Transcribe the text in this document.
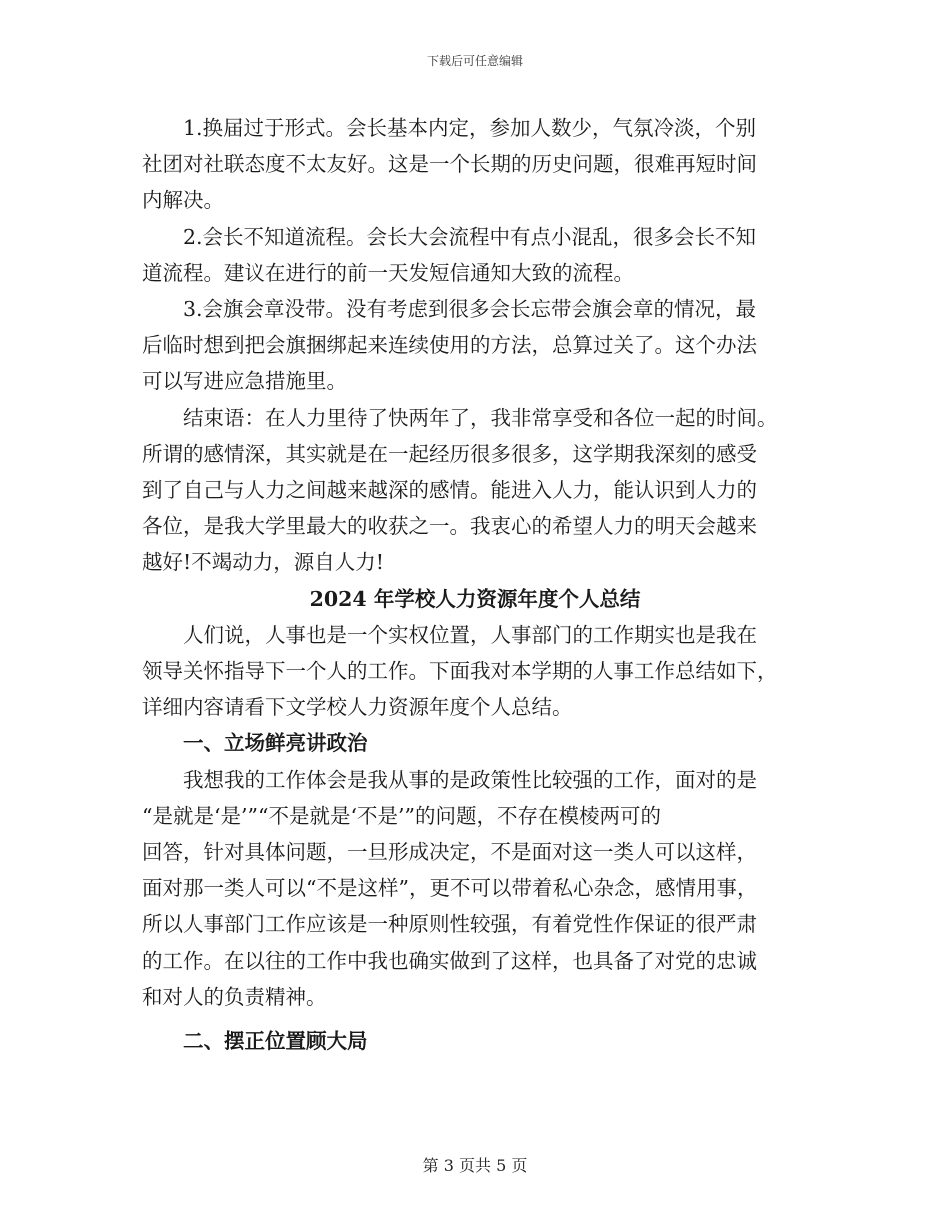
下载后可任意编辑

1.换届过于形式。会长基本内定，参加人数少，气氛冷淡，个别
社团对社联态度不太友好。这是一个长期的历史问题，很难再短时间
内解决。

2.会长不知道流程。会长大会流程中有点小混乱，很多会长不知
道流程。建议在进行的前一天发短信通知大致的流程。

3.会旗会章没带。没有考虑到很多会长忘带会旗会章的情况，最
后临时想到把会旗捆绑起来连续使用的方法，总算过关了。这个办法
可以写进应急措施里。

结束语：在人力里待了快两年了，我非常享受和各位一起的时间。
所谓的感情深，其实就是在一起经历很多很多，这学期我深刻的感受
到了自己与人力之间越来越深的感情。能进入人力，能认识到人力的
各位，是我大学里最大的收获之一。我衷心的希望人力的明天会越来
越好!不竭动力，源自人力!

2024 年学校人力资源年度个人总结

人们说，人事也是一个实权位置，人事部门的工作期实也是我在
领导关怀指导下一个人的工作。下面我对本学期的人事工作总结如下，
详细内容请看下文学校人力资源年度个人总结。

一、立场鲜亮讲政治

我想我的工作体会是我从事的是政策性比较强的工作，面对的是
“是就是‘是’”“不是就是‘不是’”的问题，不存在模棱两可的
回答，针对具体问题，一旦形成决定，不是面对这一类人可以这样，
面对那一类人可以“不是这样”，更不可以带着私心杂念，感情用事，
所以人事部门工作应该是一种原则性较强，有着党性作保证的很严肃
的工作。在以往的工作中我也确实做到了这样，也具备了对党的忠诚
和对人的负责精神。

二、摆正位置顾大局

第 3 页共 5 页
